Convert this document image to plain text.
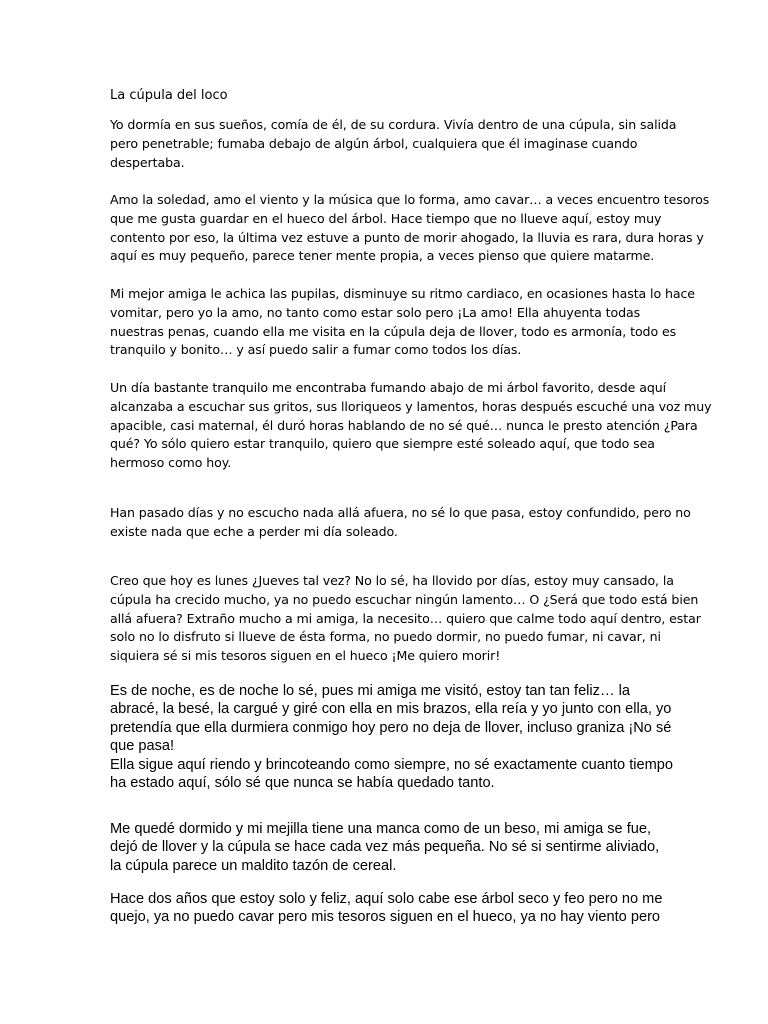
La cúpula del loco
Yo dormía en sus sueños, comía de él, de su cordura. Vivía dentro de una cúpula, sin salida
pero penetrable; fumaba debajo de algún árbol, cualquiera que él imaginase cuando
despertaba.
Amo la soledad, amo el viento y la música que lo forma, amo cavar… a veces encuentro tesoros
que me gusta guardar en el hueco del árbol. Hace tiempo que no llueve aquí, estoy muy
contento por eso, la última vez estuve a punto de morir ahogado, la lluvia es rara, dura horas y
aquí es muy pequeño, parece tener mente propia, a veces pienso que quiere matarme.
Mi mejor amiga le achica las pupilas, disminuye su ritmo cardiaco, en ocasiones hasta lo hace
vomitar, pero yo la amo, no tanto como estar solo pero ¡La amo! Ella ahuyenta todas
nuestras penas, cuando ella me visita en la cúpula deja de llover, todo es armonía, todo es
tranquilo y bonito… y así puedo salir a fumar como todos los días.
Un día bastante tranquilo me encontraba fumando abajo de mi árbol favorito, desde aquí
alcanzaba a escuchar sus gritos, sus lloriqueos y lamentos, horas después escuché una voz muy
apacible, casi maternal, él duró horas hablando de no sé qué… nunca le presto atención ¿Para
qué? Yo sólo quiero estar tranquilo, quiero que siempre esté soleado aquí, que todo sea
hermoso como hoy.
Han pasado días y no escucho nada allá afuera, no sé lo que pasa, estoy confundido, pero no
existe nada que eche a perder mi día soleado.
Creo que hoy es lunes ¿Jueves tal vez? No lo sé, ha llovido por días, estoy muy cansado, la
cúpula ha crecido mucho, ya no puedo escuchar ningún lamento… O ¿Será que todo está bien
allá afuera? Extraño mucho a mi amiga, la necesito… quiero que calme todo aquí dentro, estar
solo no lo disfruto si llueve de ésta forma, no puedo dormir, no puedo fumar, ni cavar, ni
siquiera sé si mis tesoros siguen en el hueco ¡Me quiero morir!
Es de noche, es de noche lo sé, pues mi amiga me visitó, estoy tan tan feliz… la
abracé, la besé, la cargué y giré con ella en mis brazos, ella reía y yo junto con ella, yo
pretendía que ella durmiera conmigo hoy pero no deja de llover, incluso graniza ¡No sé
que pasa!
Ella sigue aquí riendo y brincoteando como siempre, no sé exactamente cuanto tiempo
ha estado aquí, sólo sé que nunca se había quedado tanto.
Me quedé dormido y mi mejilla tiene una manca como de un beso, mi amiga se fue,
dejó de llover y la cúpula se hace cada vez más pequeña. No sé si sentirme aliviado,
la cúpula parece un maldito tazón de cereal.
Hace dos años que estoy solo y feliz, aquí solo cabe ese árbol seco y feo pero no me
quejo, ya no puedo cavar pero mis tesoros siguen en el hueco, ya no hay viento pero
